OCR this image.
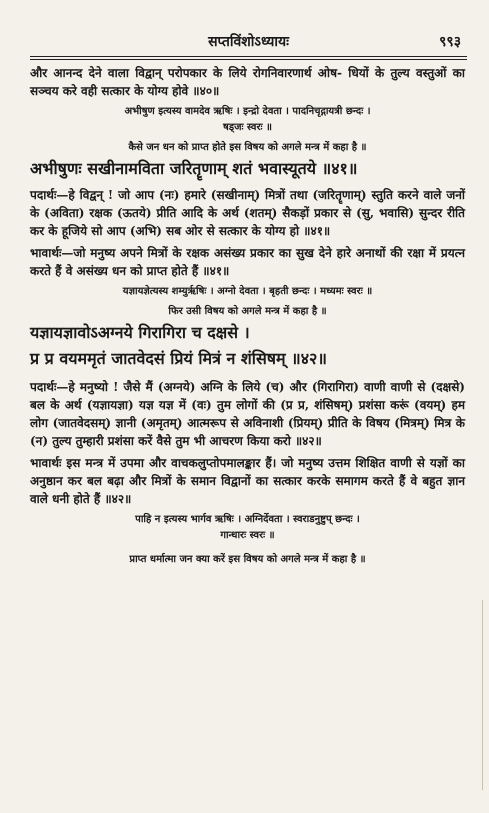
सप्तविंशोऽध्यायः	९९३

और आनन्द देने वाला विद्वान् परोपकार के लिये रोगनिवारणार्थ ओष- धियों के तुल्य वस्तुओं का सञ्चय करे वही सत्कार के योग्य होवे ॥४०॥

अभीषुण इत्यस्य वामदेव ऋषिः । इन्द्रो देवता । पादनिचृद्गायत्री छन्दः ।

षड्जः स्वरः ॥

कैसे जन धन को प्राप्त होते इस विषय को अगले मन्त्र में कहा है ॥

अभीषुणः सखीनामविता जरितॄणाम् शतं भवास्यूतये ॥४१॥

पदार्थः—हे विद्वन् ! जो आप (नः) हमारे (सखीनाम्) मित्रों तथा (जरितॄणाम्) स्तुति करने वाले जनों के (अविता) रक्षक (ऊतये) प्रीति आदि के अर्थ (शतम्) सैकड़ों प्रकार से (सु, भवासि) सुन्दर रीति कर के हूजिये सो आप (अभि) सब ओर से सत्कार के योग्य हो ॥४१॥

भावार्थः—जो मनुष्य अपने मित्रों के रक्षक असंख्य प्रकार का सुख देने हारे अनाथों की रक्षा में प्रयत्न करते हैं वे असंख्य धन को प्राप्त होते हैं ॥४१॥

यज्ञायज्ञेत्यस्य शम्युर्ऋषिः । अग्नो देवता । बृहती छन्दः । मध्यमः स्वरः ॥

फिर उसी विषय को अगले मन्त्र में कहा है ॥

यज्ञायज्ञावोऽअग्नये गिरागिरा च दक्षसे ।

प्र प्र वयममृतं जातवेदसं प्रियं मित्रं न शंसिषम् ॥४२॥

पदार्थः—हे मनुष्यो ! जैसे मैं (अग्नये) अग्नि के लिये (च) और (गिरागिरा) वाणी वाणी से (दक्षसे) बल के अर्थ (यज्ञायज्ञा) यज्ञ यज्ञ में (वः) तुम लोगों की (प्र प्र, शंसिषम्) प्रशंसा करूं (वयम्) हम लोग (जातवेदसम्) ज्ञानी (अमृतम्) आत्मरूप से अविनाशी (प्रियम्) प्रीति के विषय (मित्रम्) मित्र के (न) तुल्य तुम्हारी प्रशंसा करें वैसे तुम भी आचरण किया करो ॥४२॥

भावार्थः इस मन्त्र में उपमा और वाचकलुप्तोपमालङ्कार हैं। जो मनुष्य उत्तम शिक्षित वाणी से यज्ञों का अनुष्ठान कर बल बढ़ा और मित्रों के समान विद्वानों का सत्कार करके समागम करते हैं वे बहुत ज्ञान वाले धनी होते हैं ॥४२॥

पाहि न इत्यस्य भार्गव ऋषिः । अग्निर्देवता । स्वराडनुष्टुप् छन्दः ।

गान्धारः स्वरः ॥

प्राप्त धर्मात्मा जन क्या करें इस विषय को अगले मन्त्र में कहा है ॥
